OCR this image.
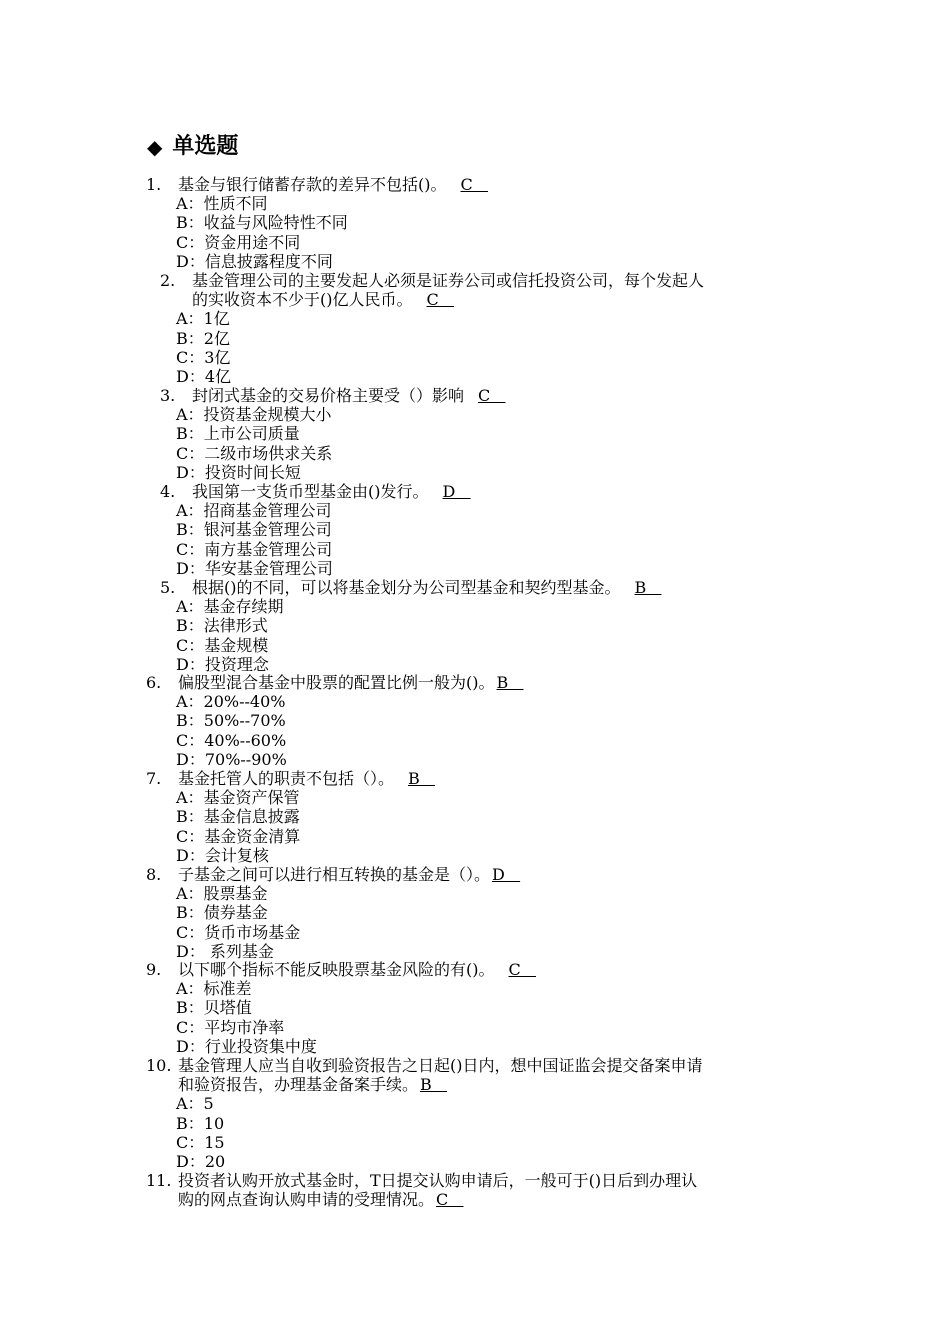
◆ 单选题
1. 基金与银行储蓄存款的差异不包括()。 C
A：性质不同
B：收益与风险特性不同
C：资金用途不同
D：信息披露程度不同
2. 基金管理公司的主要发起人必须是证券公司或信托投资公司，每个发起人
的实收资本不少于()亿人民币。 C
A：1亿
B：2亿
C：3亿
D：4亿
3. 封闭式基金的交易价格主要受（）影响 C
A：投资基金规模大小
B：上市公司质量
C：二级市场供求关系
D：投资时间长短
4. 我国第一支货币型基金由()发行。 D
A：招商基金管理公司
B：银河基金管理公司
C：南方基金管理公司
D：华安基金管理公司
5. 根据()的不同，可以将基金划分为公司型基金和契约型基金。 B
A：基金存续期
B：法律形式
C：基金规模
D：投资理念
6. 偏股型混合基金中股票的配置比例一般为()。 B
A：20%--40%
B：50%--70%
C：40%--60%
D：70%--90%
7. 基金托管人的职责不包括（）。 B
A：基金资产保管
B：基金信息披露
C：基金资金清算
D：会计复核
8. 子基金之间可以进行相互转换的基金是（）。 D
A：股票基金
B：债券基金
C：货币市场基金
D： 系列基金
9. 以下哪个指标不能反映股票基金风险的有()。 C
A：标准差
B：贝塔值
C：平均市净率
D：行业投资集中度
10. 基金管理人应当自收到验资报告之日起()日内，想中国证监会提交备案申请
和验资报告，办理基金备案手续。 B
A：5
B：10
C：15
D：20
11. 投资者认购开放式基金时，T日提交认购申请后，一般可于()日后到办理认
购的网点查询认购申请的受理情况。 C
